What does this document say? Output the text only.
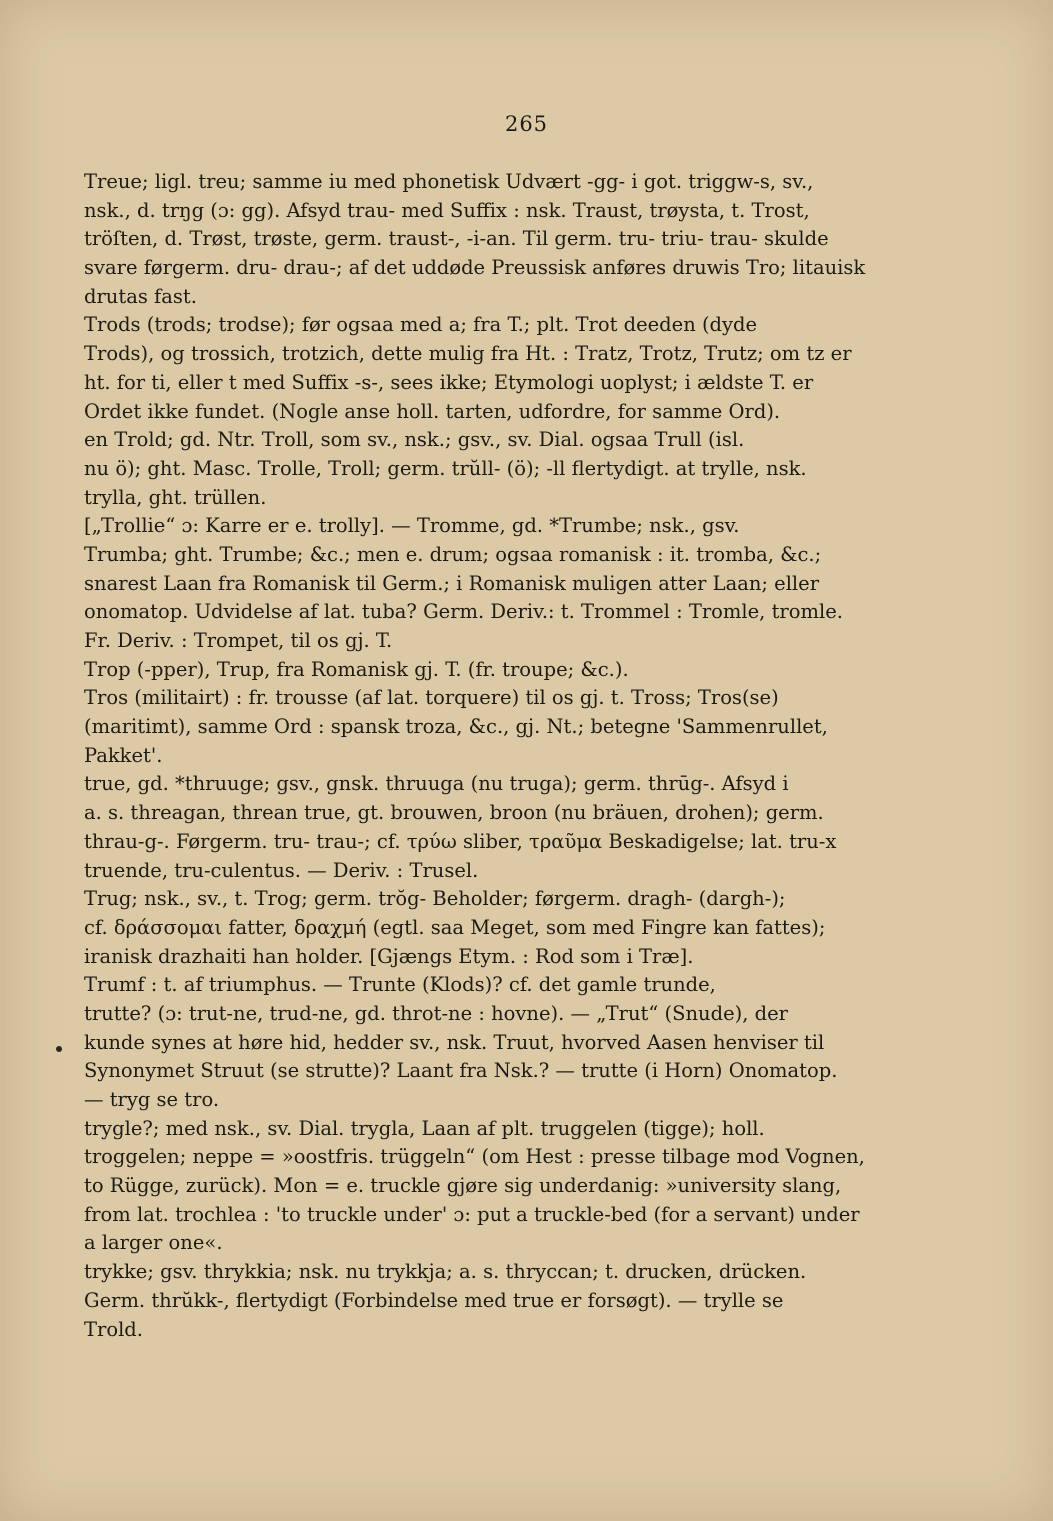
265
Treue; ligl. treu; samme iu med phonetisk Udvært -gg- i got. triggw-s, sv.,
nsk., d. trŋg (ɔ: gg). Afsyd trau- med Suffix : nsk. Traust, trøysta, t. Trost,
tröſten, d. Trøst, trøste, germ. traust-, -i-an. Til germ. tru- triu- trau- skulde
svare førgerm. dru- drau-; af det uddøde Preussisk anføres druwis Tro; litauisk
drutas fast.
Trods (trods; trodse); før ogsaa med a; fra T.; plt. Trot deeden (dyde
Trods), og trossich, trotzich, dette mulig fra Ht. : Tratz, Trotz, Trutz; om tz er
ht. for ti, eller t med Suffix -s-, sees ikke; Etymologi uoplyst; i ældste T. er
Ordet ikke fundet. (Nogle anse holl. tarten, udfordre, for samme Ord).
en Trold; gd. Ntr. Troll, som sv., nsk.; gsv., sv. Dial. ogsaa Trull (isl.
nu ö); ght. Masc. Trolle, Troll; germ. trŭll- (ö); -ll flertydigt. at trylle, nsk.
trylla, ght. trüllen.
[„Trollie“ ɔ: Karre er e. trolly]. — Tromme, gd. *Trumbe; nsk., gsv.
Trumba; ght. Trumbe; &c.; men e. drum; ogsaa romanisk : it. tromba, &c.;
snarest Laan fra Romanisk til Germ.; i Romanisk muligen atter Laan; eller
onomatop. Udvidelse af lat. tuba? Germ. Deriv.: t. Trommel : Tromle, tromle.
Fr. Deriv. : Trompet, til os gj. T.
Trop (-pper), Trup, fra Romanisk gj. T. (fr. troupe; &c.).
Tros (militairt) : fr. trousse (af lat. torquere) til os gj. t. Tross; Tros(se)
(maritimt), samme Ord : spansk troza, &c., gj. Nt.; betegne 'Sammenrullet,
Pakket'.
true, gd. *thruuge; gsv., gnsk. thruuga (nu truga); germ. thrūg-. Afsyd i
a. s. threagan, threan true, gt. brouwen, broon (nu bräuen, drohen); germ.
thrau-g-. Førgerm. tru- trau-; cf. τρύω sliber, τραῦμα Beskadigelse; lat. tru-x
truende, tru-culentus. — Deriv. : Trusel.
Trug; nsk., sv., t. Trog; germ. trŏg- Beholder; førgerm. dragh- (dargh-);
cf. δράσσομαι fatter, δραχμή (egtl. saa Meget, som med Fingre kan fattes);
iranisk drazhaiti han holder. [Gjængs Etym. : Rod som i Træ].
Trumf : t. af triumphus. — Trunte (Klods)? cf. det gamle trunde,
trutte? (ɔ: trut-ne, trud-ne, gd. throt-ne : hovne). — „Trut“ (Snude), der
kunde synes at høre hid, hedder sv., nsk. Truut, hvorved Aasen henviser til
Synonymet Struut (se strutte)? Laant fra Nsk.? — trutte (i Horn) Onomatop.
— tryg se tro.
trygle?; med nsk., sv. Dial. trygla, Laan af plt. truggelen (tigge); holl.
troggelen; neppe = »oostfris. trüggeln“ (om Hest : presse tilbage mod Vognen,
to Rügge, zurück). Mon = e. truckle gjøre sig underdanig: »university slang,
from lat. trochlea : 'to truckle under' ɔ: put a truckle-bed (for a servant) under
a larger one«.
trykke; gsv. thrykkia; nsk. nu trykkja; a. s. thryccan; t. drucken, drücken.
Germ. thrŭkk-, flertydigt (Forbindelse med true er forsøgt). — trylle se
Trold.
